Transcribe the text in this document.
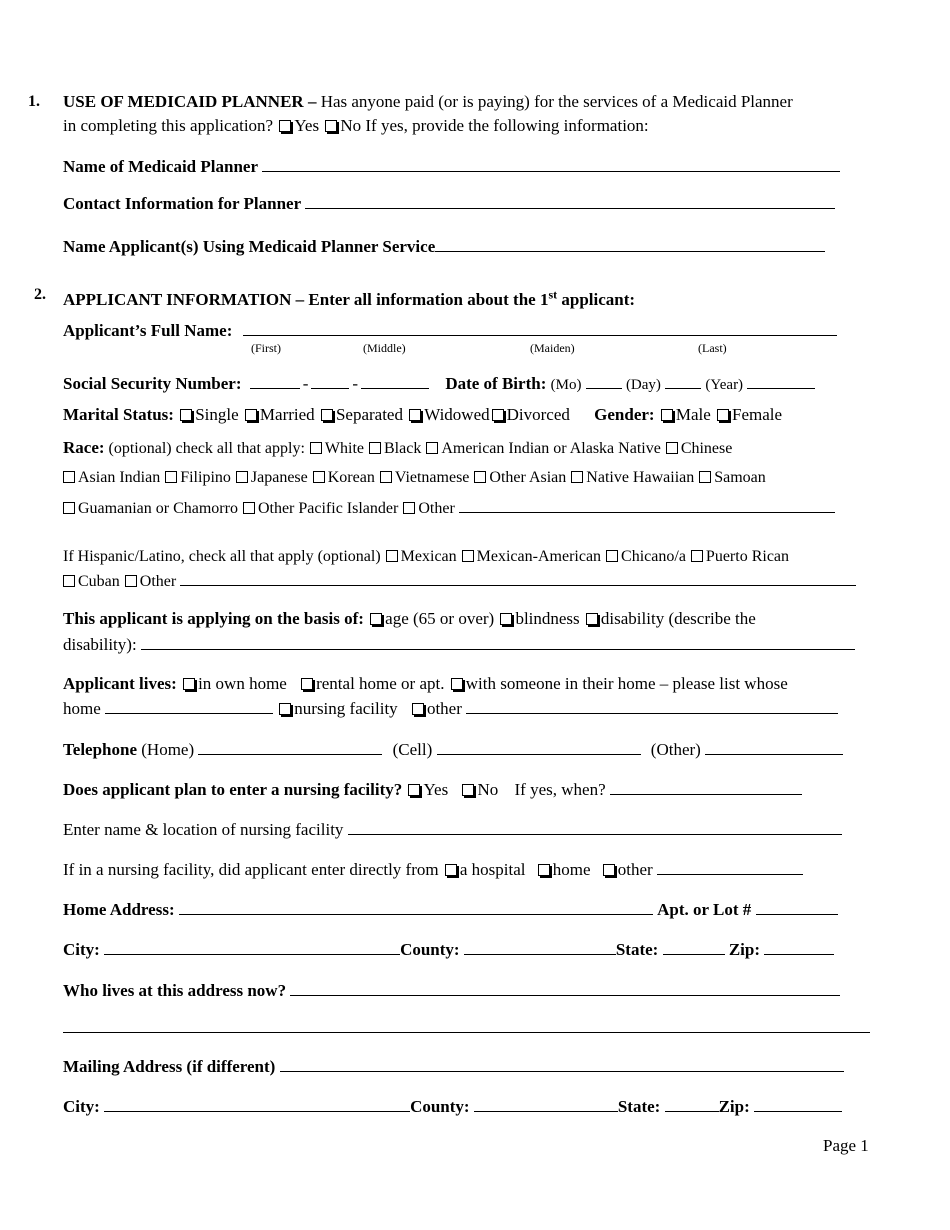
1. USE OF MEDICAID PLANNER – Has anyone paid (or is paying) for the services of a Medicaid Planner
in completing this application? Yes No If yes, provide the following information:
Name of Medicaid Planner
Contact Information for Planner
Name Applicant(s) Using Medicaid Planner Service
2. APPLICANT INFORMATION – Enter all information about the 1st applicant:
Applicant’s Full Name:
(First)	(Middle)	(Maiden)	(Last)
Social Security Number:	-	-	Date of Birth: (Mo)	(Day)	(Year)
Marital Status: Single Married Separated Widowed Divorced Gender: Male Female
Race: (optional) check all that apply: White Black American Indian or Alaska Native Chinese
Asian Indian Filipino Japanese Korean Vietnamese Other Asian Native Hawaiian Samoan
Guamanian or Chamorro Other Pacific Islander Other
If Hispanic/Latino, check all that apply (optional) Mexican Mexican-American Chicano/a Puerto Rican
Cuban Other
This applicant is applying on the basis of: age (65 or over) blindness disability (describe the
disability):
Applicant lives: in own home rental home or apt. with someone in their home – please list whose
home	nursing facility other
Telephone (Home)	(Cell)	(Other)
Does applicant plan to enter a nursing facility? Yes No If yes, when?
Enter name & location of nursing facility
If in a nursing facility, did applicant enter directly from a hospital home other
Home Address:	Apt. or Lot #
City:	County:	State:	Zip:
Who lives at this address now?
Mailing Address (if different)
City:	County:	State:	Zip:
Page 1
